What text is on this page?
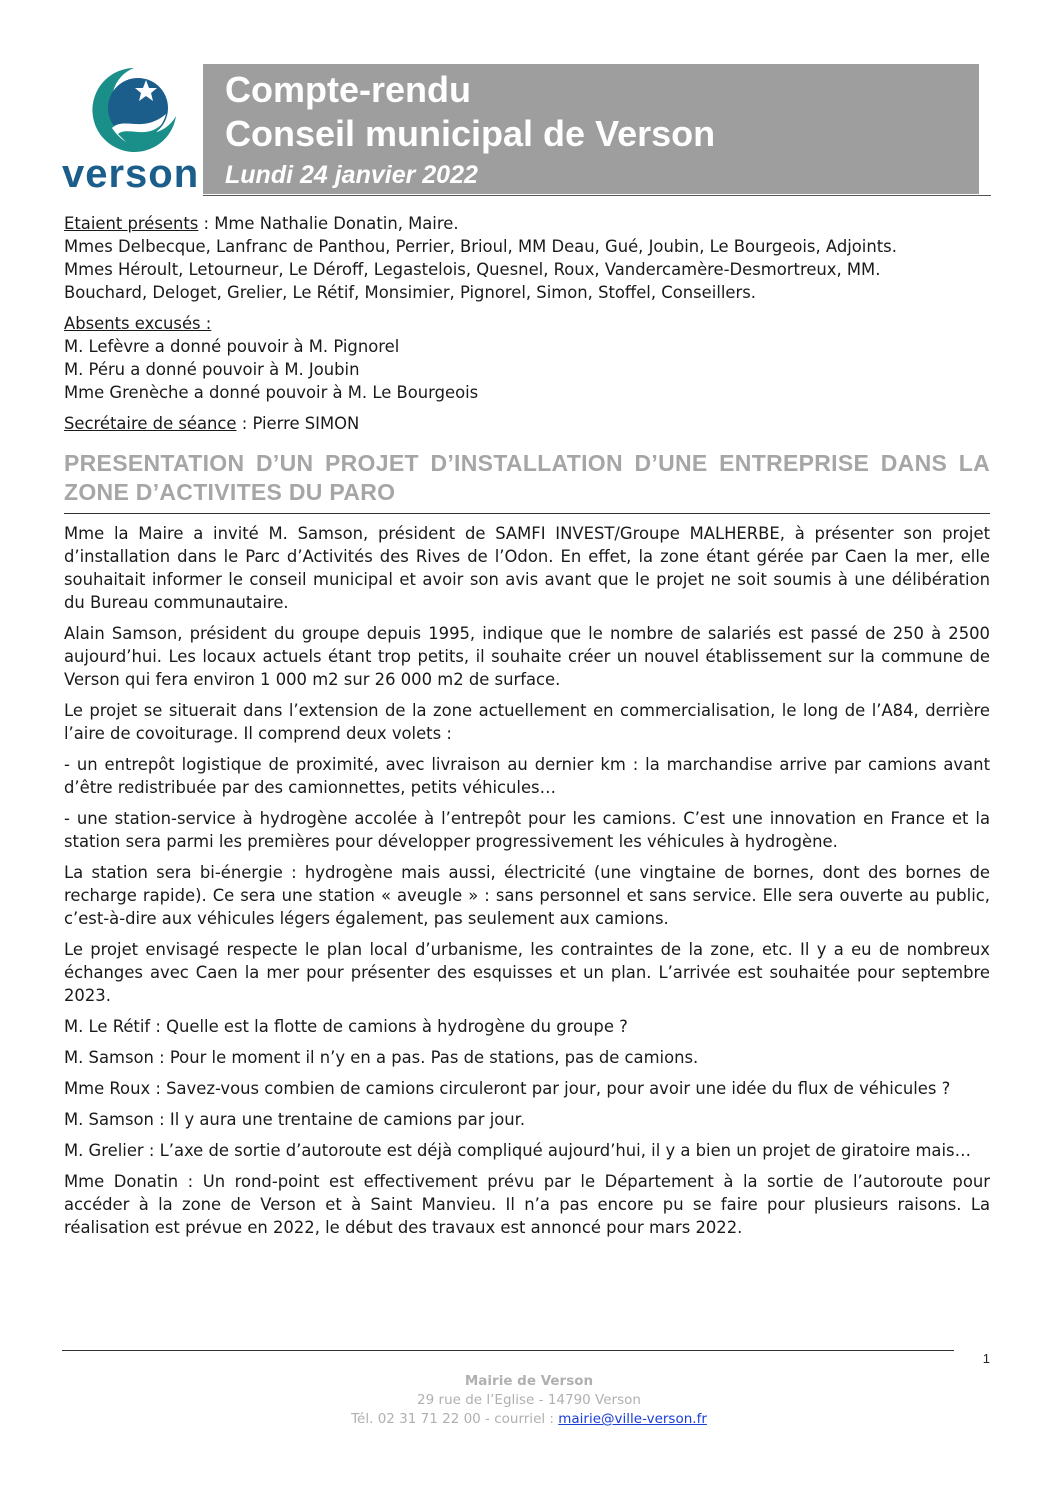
verson
Compte-rendu
Conseil municipal de Verson
Lundi 24 janvier 2022
Etaient présents : Mme Nathalie Donatin, Maire.
Mmes Delbecque, Lanfranc de Panthou, Perrier, Brioul, MM Deau, Gué, Joubin, Le Bourgeois, Adjoints.
Mmes Héroult, Letourneur, Le Déroff, Legastelois, Quesnel, Roux, Vandercamère-Desmortreux, MM.
Bouchard, Deloget, Grelier, Le Rétif, Monsimier, Pignorel, Simon, Stoffel, Conseillers.
Absents excusés :
M. Lefèvre a donné pouvoir à M. Pignorel
M. Péru a donné pouvoir à M. Joubin
Mme Grenèche a donné pouvoir à M. Le Bourgeois
Secrétaire de séance : Pierre SIMON
PRESENTATION D’UN PROJET D’INSTALLATION D’UNE ENTREPRISE DANS LA ZONE D’ACTIVITES DU PARO

Mme la Maire a invité M. Samson, président de SAMFI INVEST/Groupe MALHERBE, à présenter son projet d’installation dans le Parc d’Activités des Rives de l’Odon. En effet, la zone étant gérée par Caen la mer, elle souhaitait informer le conseil municipal et avoir son avis avant que le projet ne soit soumis à une délibération du Bureau communautaire.

Alain Samson, président du groupe depuis 1995, indique que le nombre de salariés est passé de 250 à 2500 aujourd’hui. Les locaux actuels étant trop petits, il souhaite créer un nouvel établissement sur la commune de Verson qui fera environ 1 000 m2 sur 26 000 m2 de surface.

Le projet se situerait dans l’extension de la zone actuellement en commercialisation, le long de l’A84, derrière l’aire de covoiturage. Il comprend deux volets :

- un entrepôt logistique de proximité, avec livraison au dernier km : la marchandise arrive par camions avant d’être redistribuée par des camionnettes, petits véhicules…

- une station-service à hydrogène accolée à l’entrepôt pour les camions. C’est une innovation en France et la station sera parmi les premières pour développer progressivement les véhicules à hydrogène.

La station sera bi-énergie : hydrogène mais aussi, électricité (une vingtaine de bornes, dont des bornes de recharge rapide). Ce sera une station « aveugle » : sans personnel et sans service. Elle sera ouverte au public, c’est-à-dire aux véhicules légers également, pas seulement aux camions.

Le projet envisagé respecte le plan local d’urbanisme, les contraintes de la zone, etc. Il y a eu de nombreux échanges avec Caen la mer pour présenter des esquisses et un plan. L’arrivée est souhaitée pour septembre 2023.

M. Le Rétif : Quelle est la flotte de camions à hydrogène du groupe ?

M. Samson : Pour le moment il n’y en a pas. Pas de stations, pas de camions.

Mme Roux : Savez-vous combien de camions circuleront par jour, pour avoir une idée du flux de véhicules ?

M. Samson : Il y aura une trentaine de camions par jour.

M. Grelier : L’axe de sortie d’autoroute est déjà compliqué aujourd’hui, il y a bien un projet de giratoire mais…

Mme Donatin : Un rond-point est effectivement prévu par le Département à la sortie de l’autoroute pour accéder à la zone de Verson et à Saint Manvieu. Il n’a pas encore pu se faire pour plusieurs raisons. La réalisation est prévue en 2022, le début des travaux est annoncé pour mars 2022.

1
Mairie de Verson
29 rue de l’Eglise - 14790 Verson
Tél. 02 31 71 22 00 - courriel : mairie@ville-verson.fr
